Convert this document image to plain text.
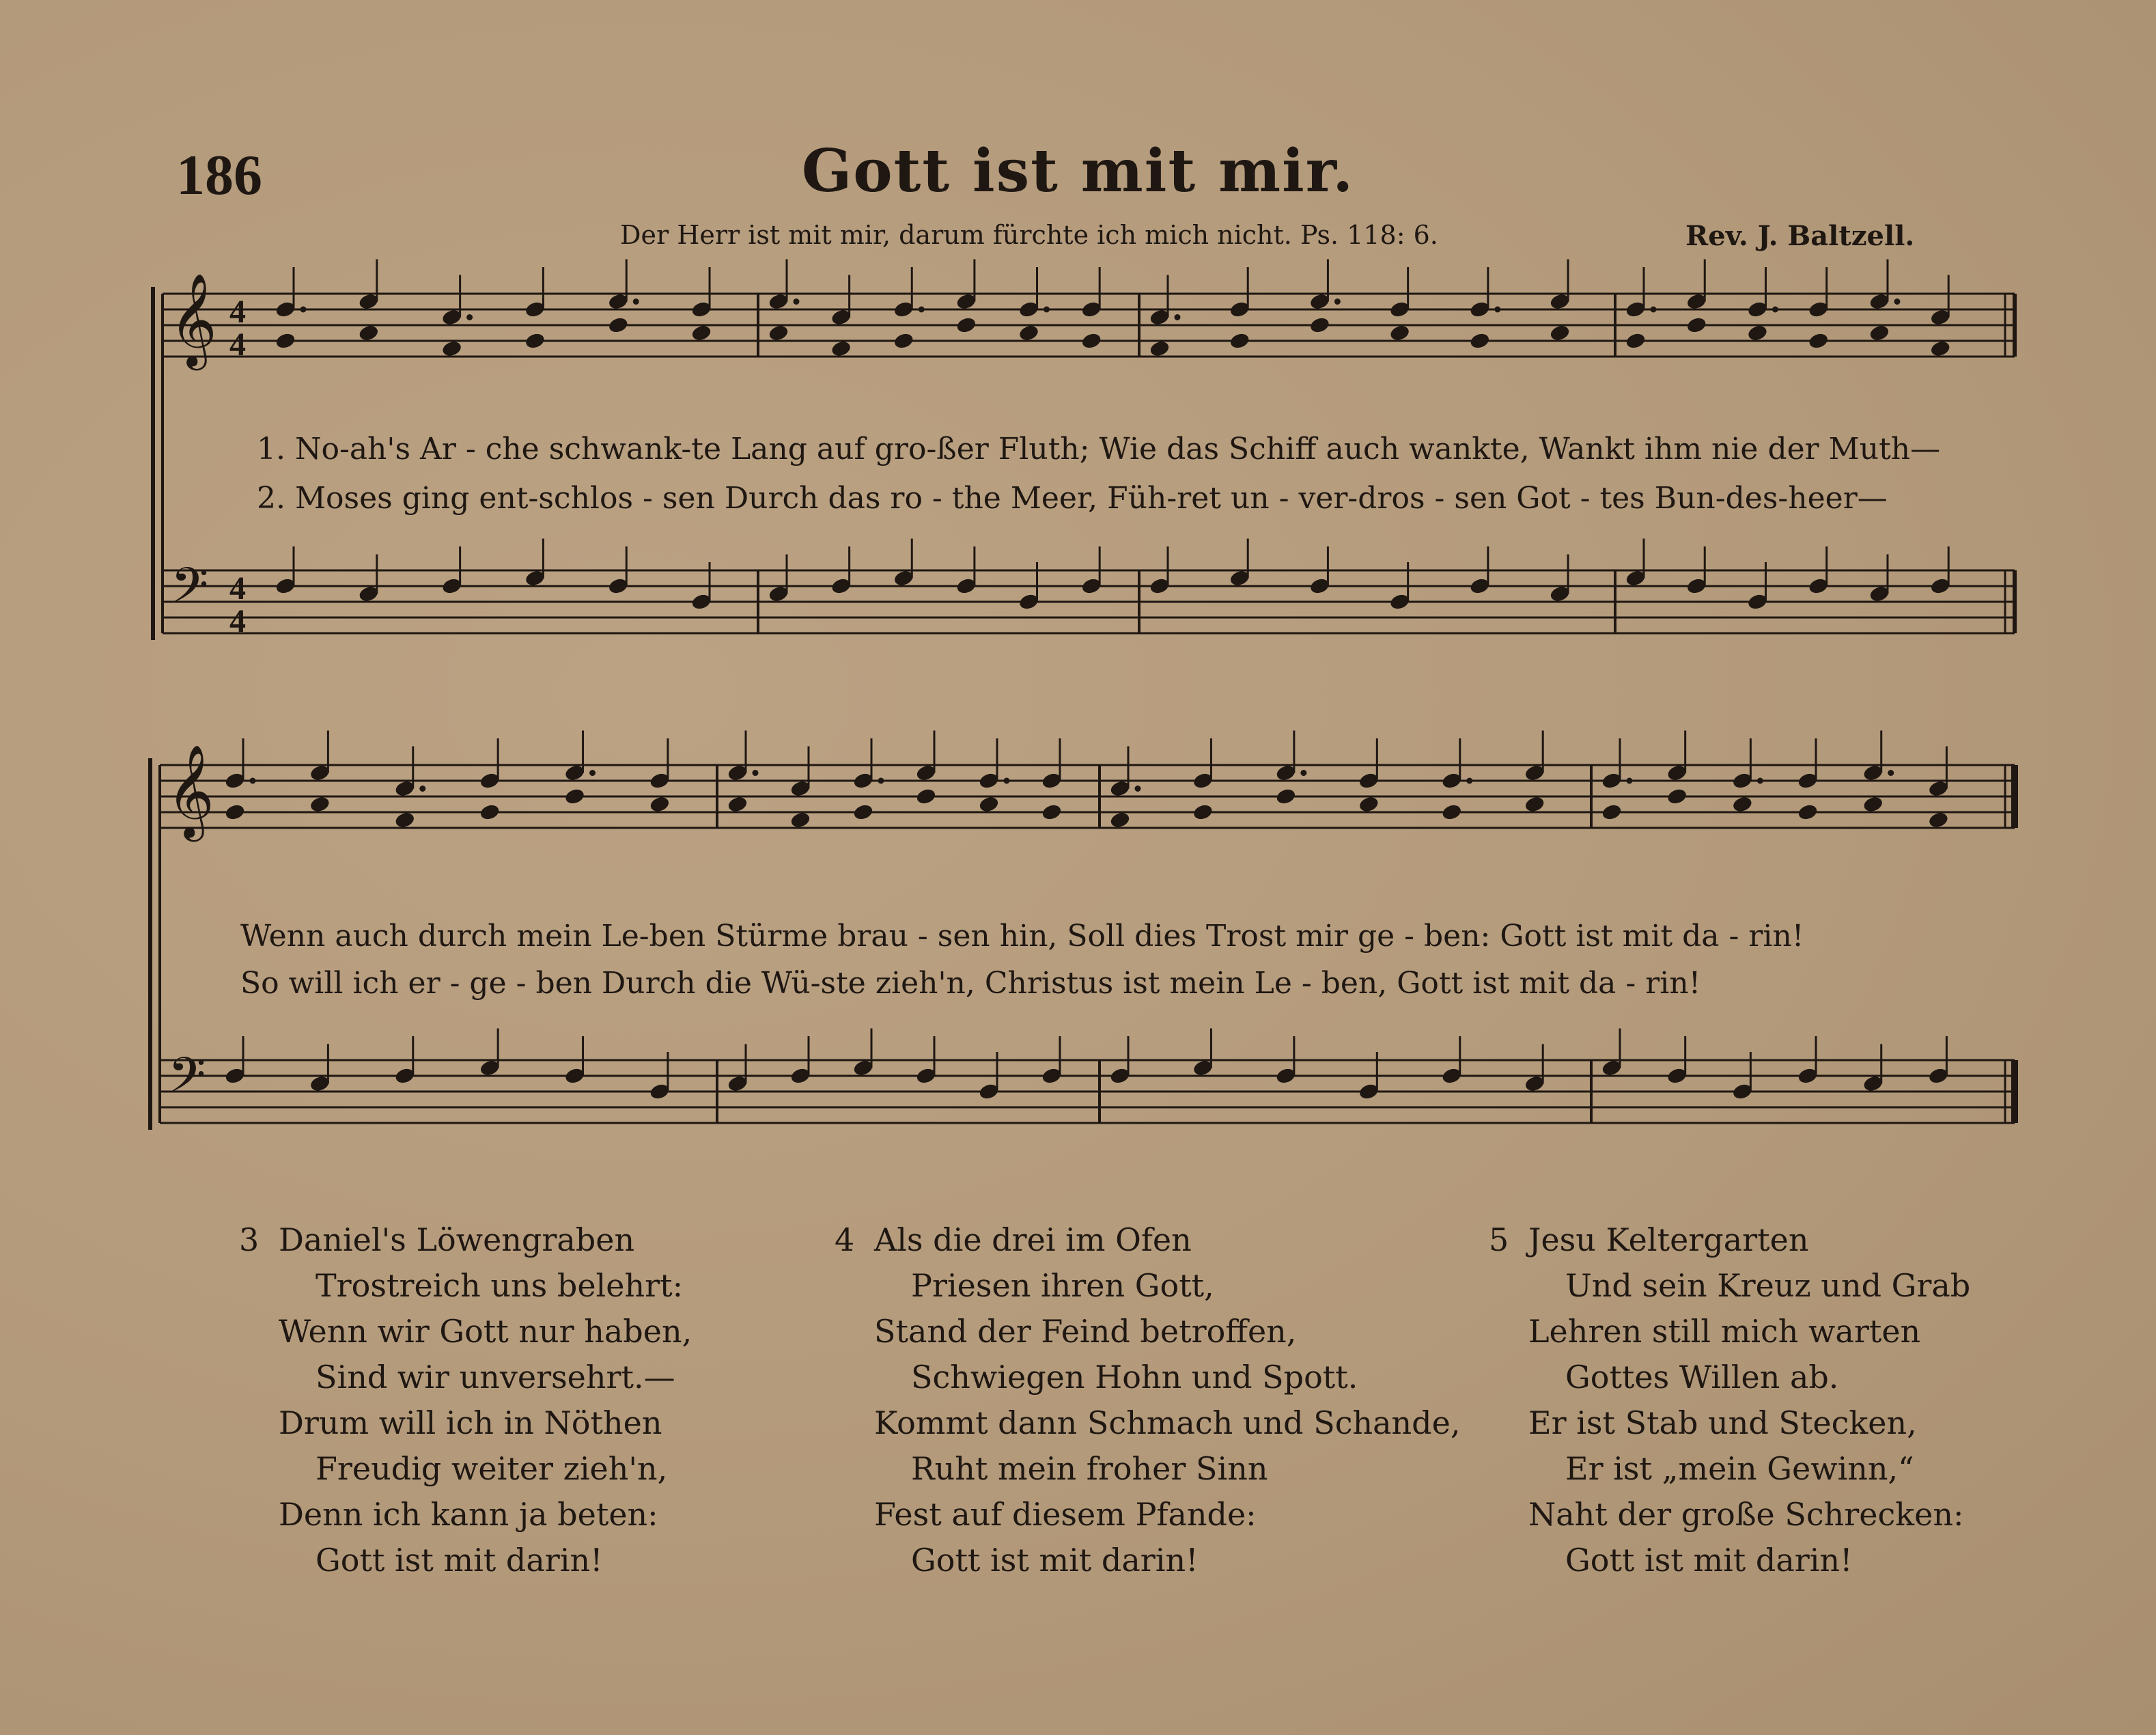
186	Gott ist mit mir.
Der Herr ist mit mir, darum fürchte ich mich nicht. Ps. 118: 6.	Rev. J. Baltzell.
𝄞
𝄢
4
4
4
4
𝄞
𝄢
1. No-ah's Ar - che schwank-te Lang auf gro-ßer Fluth; Wie das Schiff auch wankte, Wankt ihm nie der Muth—
2. Moses ging ent-schlos - sen Durch das ro - the Meer, Füh-ret un - ver-dros - sen Got - tes Bun-des-heer—
Wenn auch durch mein Le-ben Stürme brau - sen hin, Soll dies Trost mir ge - ben: Gott ist mit da - rin!
So will ich er - ge - ben Durch die Wü-ste zieh'n, Christus ist mein Le - ben, Gott ist mit da - rin!
3 Daniel's Löwengraben
Trostreich uns belehrt:
Wenn wir Gott nur haben,
Sind wir unversehrt.—
Drum will ich in Nöthen
Freudig weiter zieh'n,
Denn ich kann ja beten:
Gott ist mit darin!
4 Als die drei im Ofen
Priesen ihren Gott,
Stand der Feind betroffen,
Schwiegen Hohn und Spott.
Kommt dann Schmach und Schande,
Ruht mein froher Sinn
Fest auf diesem Pfande:
Gott ist mit darin!
5 Jesu Keltergarten
Und sein Kreuz und Grab
Lehren still mich warten
Gottes Willen ab.
Er ist Stab und Stecken,
Er ist „mein Gewinn,“
Naht der große Schrecken:
Gott ist mit darin!
